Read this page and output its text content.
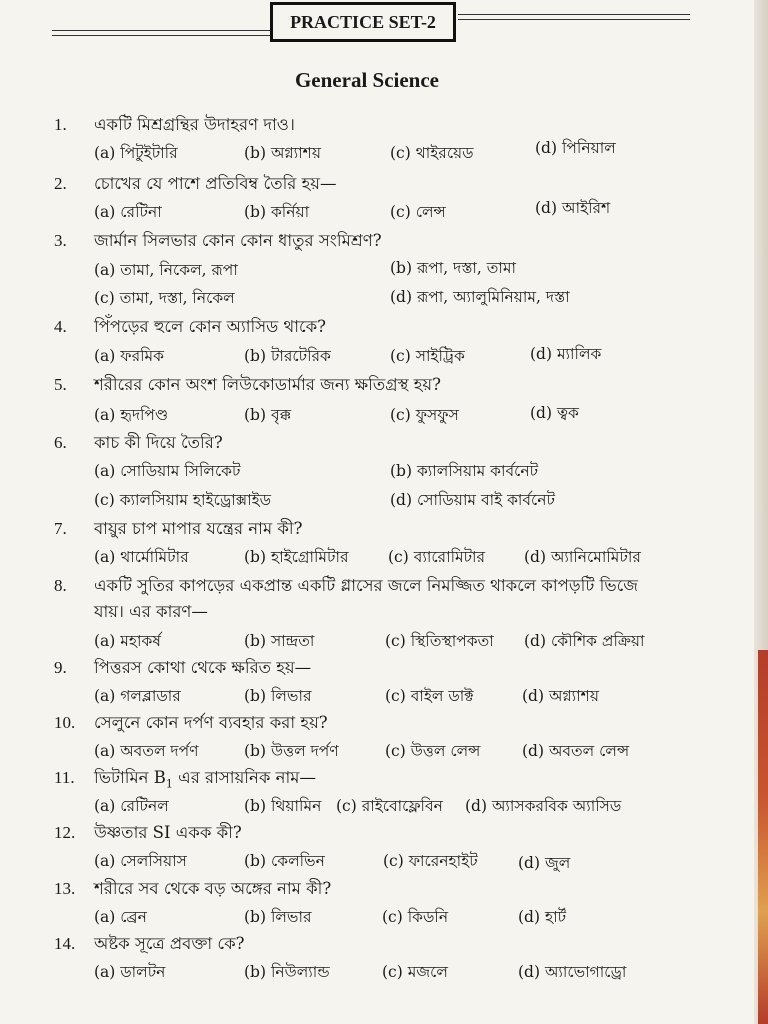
PRACTICE SET-2
General Science
1. একটি মিশ্রগ্রন্থির উদাহরণ দাও।
(a) পিটুইটারি	(b) অগ্ন্যাশয়	(c) থাইরয়েড	(d) পিনিয়াল
2. চোখের যে পাশে প্রতিবিম্ব তৈরি হয়—
(a) রেটিনা	(b) কর্নিয়া	(c) লেন্স	(d) আইরিশ
3. জার্মান সিলভার কোন কোন ধাতুর সংমিশ্রণ?
(a) তামা, নিকেল, রূপা	(b) রূপা, দস্তা, তামা
(c) তামা, দস্তা, নিকেল	(d) রূপা, অ্যালুমিনিয়াম, দস্তা
4. পিঁপড়ের হুলে কোন অ্যাসিড থাকে?
(a) ফরমিক	(b) টারটেরিক	(c) সাইট্রিক	(d) ম্যালিক
5. শরীরের কোন অংশ লিউকোডার্মার জন্য ক্ষতিগ্রস্থ হয়?
(a) হৃদপিণ্ড	(b) বৃক্ক	(c) ফুসফুস	(d) ত্বক
6. কাচ কী দিয়ে তৈরি?
(a) সোডিয়াম সিলিকেট	(b) ক্যালসিয়াম কার্বনেট
(c) ক্যালসিয়াম হাইড্রোক্সাইড	(d) সোডিয়াম বাই কার্বনেট
7. বায়ুর চাপ মাপার যন্ত্রের নাম কী?
(a) থার্মোমিটার	(b) হাইগ্রোমিটার	(c) ব্যারোমিটার	(d) অ্যানিমোমিটার
8. একটি সুতির কাপড়ের একপ্রান্ত একটি গ্লাসের জলে নিমজ্জিত থাকলে কাপড়টি ভিজে
যায়। এর কারণ—
(a) মহাকর্ষ	(b) সান্দ্রতা	(c) স্থিতিস্থাপকতা (d) কৌশিক প্রক্রিয়া
9. পিত্তরস কোথা থেকে ক্ষরিত হয়—
(a) গলব্লাডার	(b) লিভার	(c) বাইল ডাক্ট	(d) অগ্ন্যাশয়
10. সেলুনে কোন দর্পণ ব্যবহার করা হয়?
(a) অবতল দর্পণ	(b) উত্তল দর্পণ	(c) উত্তল লেন্স	(d) অবতল লেন্স
11. ভিটামিন $B_1$ এর রাসায়নিক নাম—
(a) রেটিনল	(b) থিয়ামিন (c) রাইবোফ্লেবিন (d) অ্যাসকরবিক অ্যাসিড
12. উষ্ণতার SI একক কী?
(a) সেলসিয়াস	(b) কেলভিন	(c) ফারেনহাইট	(d) জুল
13. শরীরে সব থেকে বড় অঙ্গের নাম কী?
(a) ব্রেন	(b) লিভার	(c) কিডনি	(d) হার্ট
14. অষ্টক সূত্রে প্রবক্তা কে?
(a) ডালটন	(b) নিউল্যান্ড	(c) মজলে	(d) অ্যাভোগাড্রো
